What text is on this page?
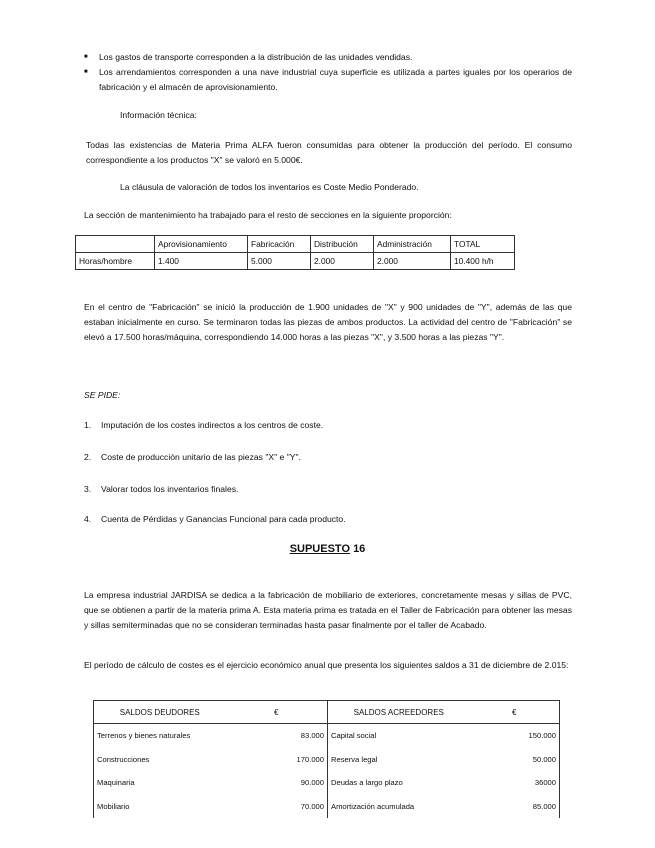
■ Los gastos de transporte corresponden a la distribución de las unidades vendidas.
■ Los arrendamientos corresponden a una nave industrial cuya superficie es utilizada a partes iguales por los operarios de fabricación y el almacén de aprovisionamiento.

Información técnica:

Todas las existencias de Materia Prima ALFA fueron consumidas para obtener la producción del período. El consumo correspondiente a los productos "X" se valoró en 5.000€.

La cláusula de valoración de todos los inventarios es Coste Medio Ponderado.

La sección de mantenimiento ha trabajado para el resto de secciones en la siguiente proporción:

	Aprovisionamiento	Fabricación	Distribución	Administración	TOTAL
Horas/hombre	1.400	5.000	2.000	2.000	10.400 h/h

En el centro de "Fabricación" se inició la producción de 1.900 unidades de "X" y 900 unidades de "Y", además de las que estaban inicialmente en curso. Se terminaron todas las piezas de ambos productos. La actividad del centro de "Fabricación" se elevó a 17.500 horas/máquina, correspondiendo 14.000 horas a las piezas "X", y 3.500 horas a las piezas "Y".

SE PIDE:

1. Imputación de los costes indirectos a los centros de coste.

2. Coste de producción unitario de las piezas "X" e "Y".

3. Valorar todos los inventarios finales.

4. Cuenta de Pérdidas y Ganancias Funcional para cada producto.

SUPUESTO 16

La empresa industrial JARDISA se dedica a la fabricación de mobiliario de exteriores, concretamente mesas y sillas de PVC, que se obtienen a partir de la materia prima A. Esta materia prima es tratada en el Taller de Fabricación para obtener las mesas y sillas semiterminadas que no se consideran terminadas hasta pasar finalmente por el taller de Acabado.

El período de cálculo de costes es el ejercicio económico anual que presenta los siguientes saldos a 31 de diciembre de 2.015:

SALDOS DEUDORES	€	SALDOS ACREEDORES	€
Terrenos y bienes naturales	83.000	Capital social	150.000
Construcciones	170.000	Reserva legal	50.000
Maquinaria	90.000	Deudas a largo plazo	36000
Mobiliario	70.000	Amortización acumulada	85.000
